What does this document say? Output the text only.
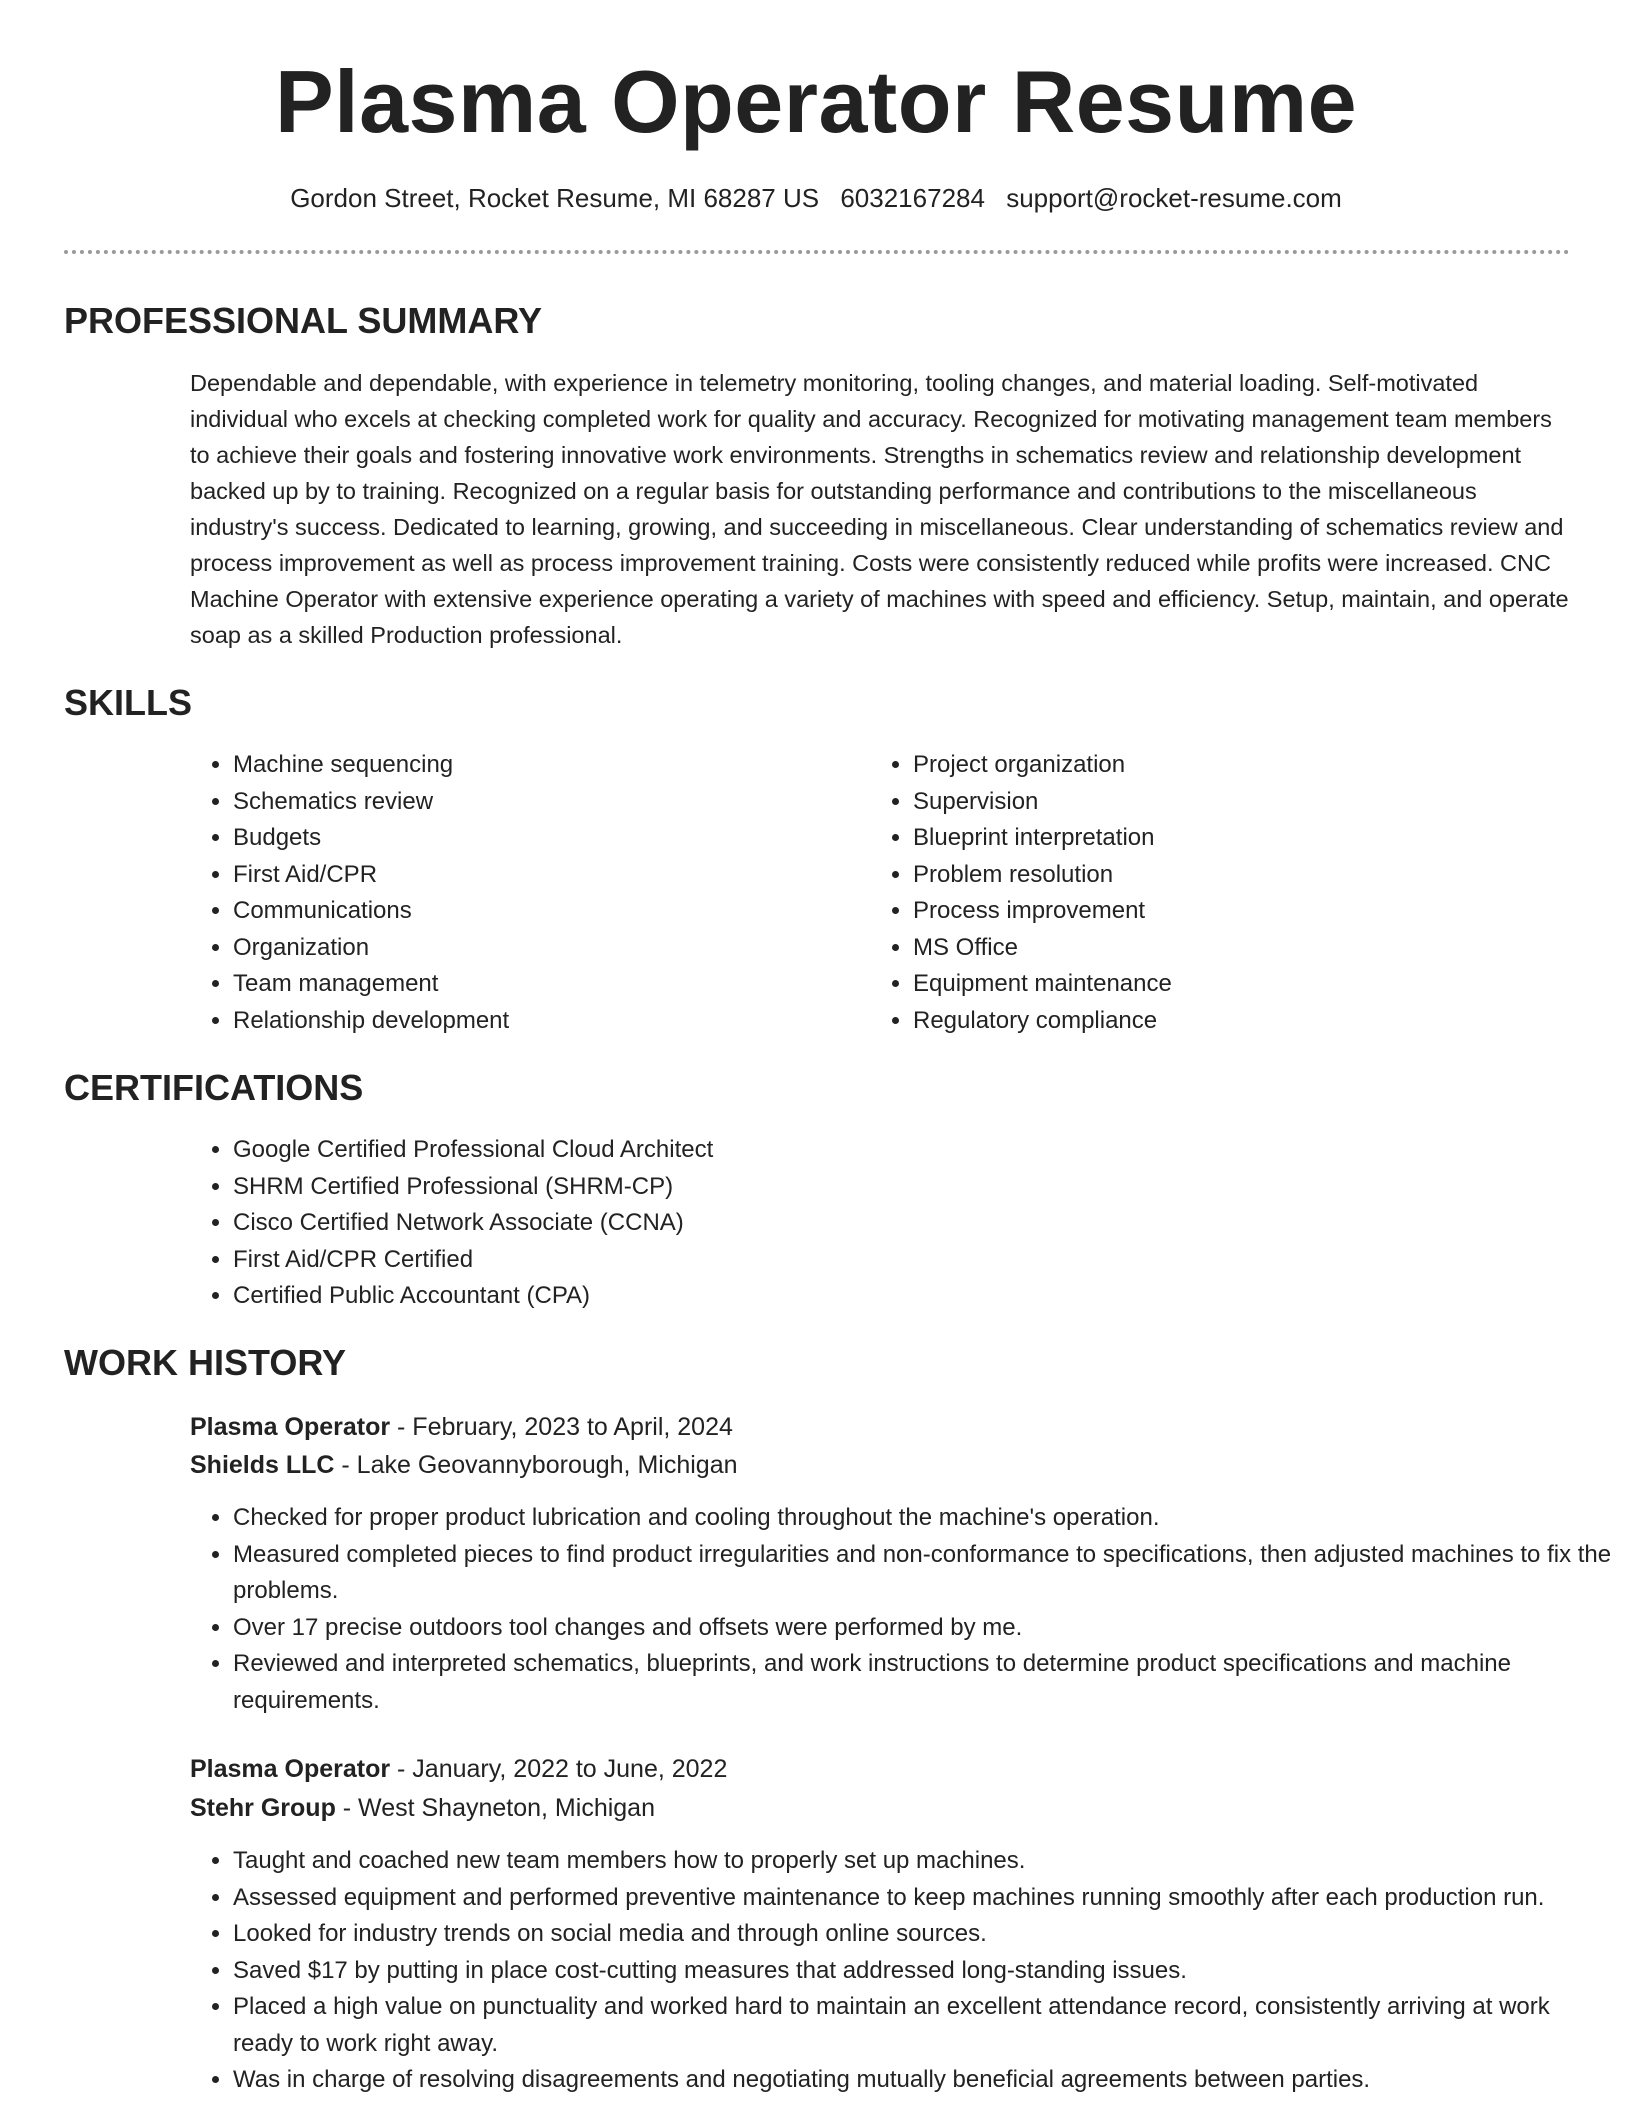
Plasma Operator Resume
Gordon Street, Rocket Resume, MI 68287 US 6032167284 support@rocket-resume.com
PROFESSIONAL SUMMARY

Dependable and dependable, with experience in telemetry monitoring, tooling changes, and material loading. Self-motivated individual who excels at checking completed work for quality and accuracy. Recognized for motivating management team members to achieve their goals and fostering innovative work environments. Strengths in schematics review and relationship development backed up by to training. Recognized on a regular basis for outstanding performance and contributions to the miscellaneous industry's success. Dedicated to learning, growing, and succeeding in miscellaneous. Clear understanding of schematics review and process improvement as well as process improvement training. Costs were consistently reduced while profits were increased. CNC Machine Operator with extensive experience operating a variety of machines with speed and efficiency. Setup, maintain, and operate soap as a skilled Production professional.

SKILLS
• Machine sequencing
• Schematics review
• Budgets
• First Aid/CPR
• Communications
• Organization
• Team management
• Relationship development
• Project organization
• Supervision
• Blueprint interpretation
• Problem resolution
• Process improvement
• MS Office
• Equipment maintenance
• Regulatory compliance
CERTIFICATIONS
• Google Certified Professional Cloud Architect
• SHRM Certified Professional (SHRM-CP)
• Cisco Certified Network Associate (CCNA)
• First Aid/CPR Certified
• Certified Public Accountant (CPA)
WORK HISTORY
Plasma Operator - February, 2023 to April, 2024
Shields LLC - Lake Geovannyborough, Michigan
• Checked for proper product lubrication and cooling throughout the machine's operation.
• Measured completed pieces to find product irregularities and non-conformance to specifications, then adjusted machines to fix the problems.
• Over 17 precise outdoors tool changes and offsets were performed by me.
• Reviewed and interpreted schematics, blueprints, and work instructions to determine product specifications and machine requirements.
Plasma Operator - January, 2022 to June, 2022
Stehr Group - West Shayneton, Michigan
• Taught and coached new team members how to properly set up machines.
• Assessed equipment and performed preventive maintenance to keep machines running smoothly after each production run.
• Looked for industry trends on social media and through online sources.
• Saved $17 by putting in place cost-cutting measures that addressed long-standing issues.
• Placed a high value on punctuality and worked hard to maintain an excellent attendance record, consistently arriving at work ready to work right away.
• Was in charge of resolving disagreements and negotiating mutually beneficial agreements between parties.
